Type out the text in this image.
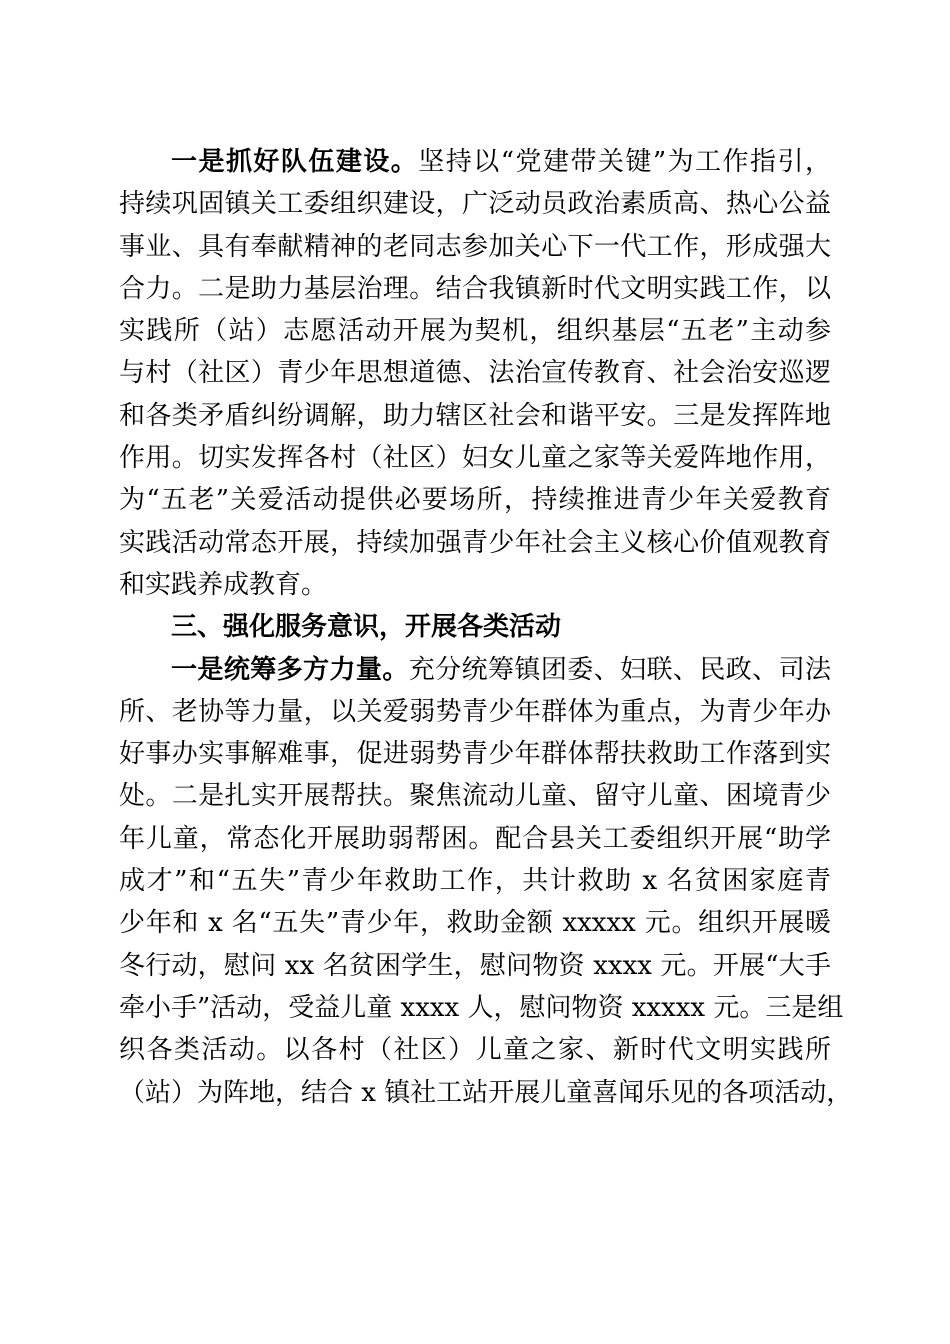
一是抓好队伍建设。坚持以“党建带关键”为工作指引，
持续巩固镇关工委组织建设，广泛动员政治素质高、热心公益
事业、具有奉献精神的老同志参加关心下一代工作，形成强大
合力。二是助力基层治理。结合我镇新时代文明实践工作，以
实践所（站）志愿活动开展为契机，组织基层“五老”主动参
与村（社区）青少年思想道德、法治宣传教育、社会治安巡逻
和各类矛盾纠纷调解，助力辖区社会和谐平安。三是发挥阵地
作用。切实发挥各村（社区）妇女儿童之家等关爱阵地作用，
为“五老”关爱活动提供必要场所，持续推进青少年关爱教育
实践活动常态开展，持续加强青少年社会主义核心价值观教育
和实践养成教育。
三、强化服务意识，开展各类活动
一是统筹多方力量。充分统筹镇团委、妇联、民政、司法
所、老协等力量，以关爱弱势青少年群体为重点，为青少年办
好事办实事解难事，促进弱势青少年群体帮扶救助工作落到实
处。二是扎实开展帮扶。聚焦流动儿童、留守儿童、困境青少
年儿童，常态化开展助弱帮困。配合县关工委组织开展“助学
成才”和“五失”青少年救助工作，共计救助 x 名贫困家庭青
少年和 x 名“五失”青少年，救助金额 xxxxx 元。组织开展暖
冬行动，慰问 xx 名贫困学生，慰问物资 xxxx 元。开展“大手
牵小手”活动，受益儿童 xxxx 人，慰问物资 xxxxx 元。三是组
织各类活动。以各村（社区）儿童之家、新时代文明实践所
（站）为阵地，结合 x 镇社工站开展儿童喜闻乐见的各项活动，
